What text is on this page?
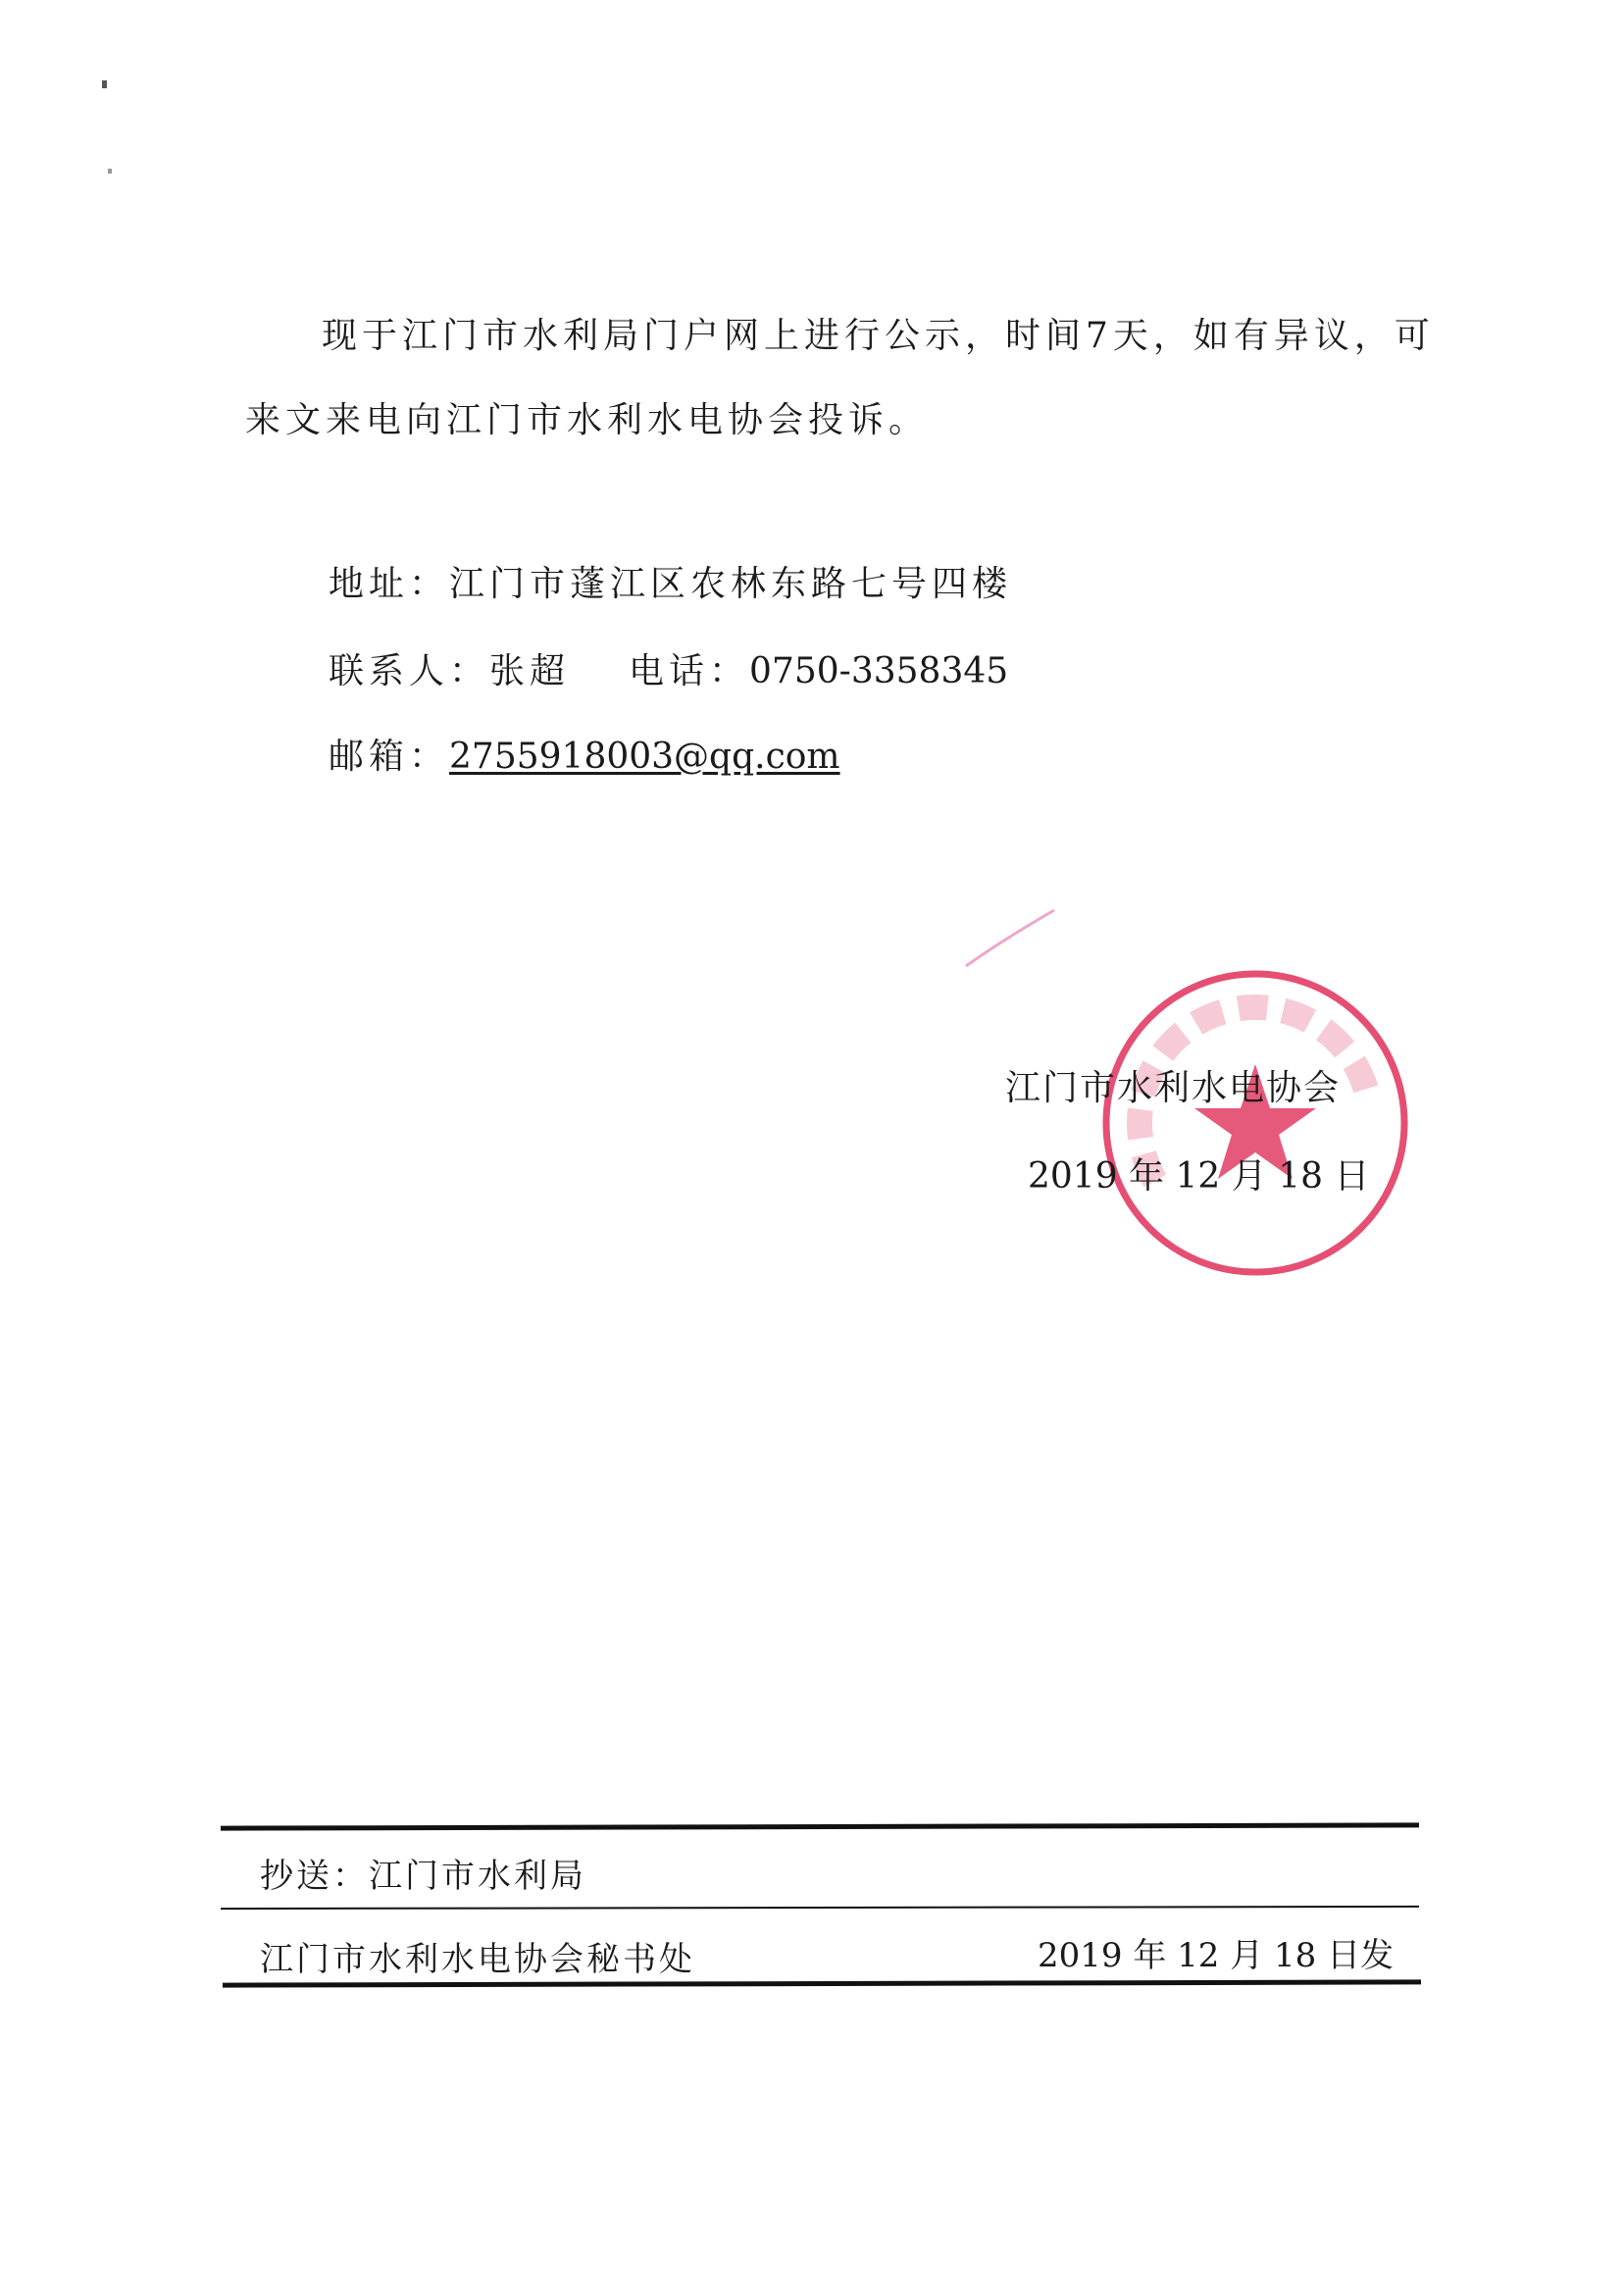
现于江门市水利局门户网上进行公示，时间7天，如有异议，可
来文来电向江门市水利水电协会投诉。
地址：江门市蓬江区农林东路七号四楼
联系人：张超 电话：0750-3358345
邮箱：2755918003@qq.com
江门市水利水电协会
2019 年 12 月 18 日
抄送：江门市水利局
江门市水利水电协会秘书处	2019 年 12 月 18 日发
